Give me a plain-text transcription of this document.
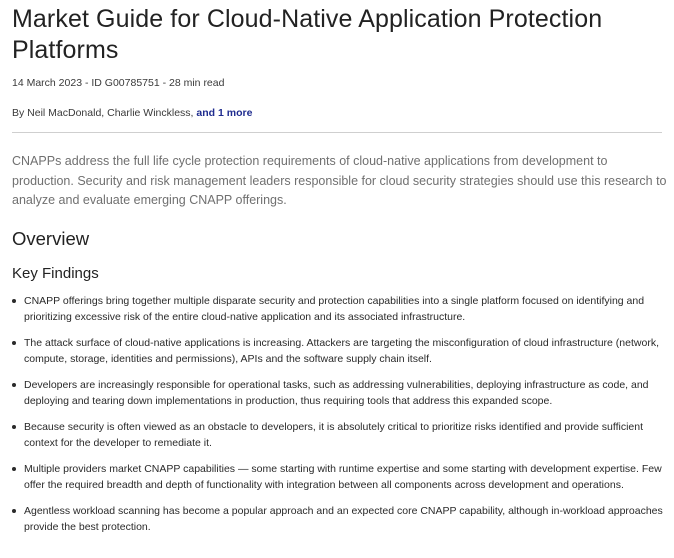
Market Guide for Cloud-Native Application Protection Platforms
14 March 2023 - ID G00785751 - 28 min read
By Neil MacDonald, Charlie Winckless, and 1 more

CNAPPs address the full life cycle protection requirements of cloud-native applications from development to production. Security and risk management leaders responsible for cloud security strategies should use this research to analyze and evaluate emerging CNAPP offerings.

Overview
Key Findings
CNAPP offerings bring together multiple disparate security and protection capabilities into a single platform focused on identifying and prioritizing excessive risk of the entire cloud-native application and its associated infrastructure.
The attack surface of cloud-native applications is increasing. Attackers are targeting the misconfiguration of cloud infrastructure (network, compute, storage, identities and permissions), APIs and the software supply chain itself.
Developers are increasingly responsible for operational tasks, such as addressing vulnerabilities, deploying infrastructure as code, and deploying and tearing down implementations in production, thus requiring tools that address this expanded scope.
Because security is often viewed as an obstacle to developers, it is absolutely critical to prioritize risks identified and provide sufficient context for the developer to remediate it.
Multiple providers market CNAPP capabilities — some starting with runtime expertise and some starting with development expertise. Few offer the required breadth and depth of functionality with integration between all components across development and operations.
Agentless workload scanning has become a popular approach and an expected core CNAPP capability, although in-workload approaches provide the best protection.
